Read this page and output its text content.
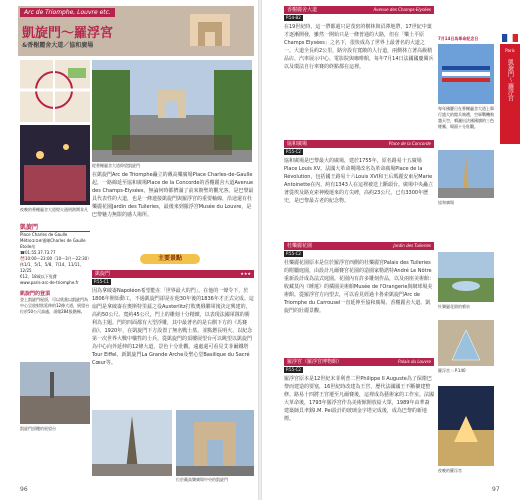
Arc de Triomphe, Louvre etc.
凱旋門～羅浮宮
&香榭麗舍大道／協和廣場
從香榭麗舍大道仰望凱旋門
夜晚的香榭麗舍大道燈火通明熱鬧非凡
在凱旋門Arc de Triomphe矗立的戴高樂廣場Place Charles-de-Gaulle起，一路綿延至協和廣場Place de la Concorde的香榭麗舍大道Avenue des Champs-Elysées，無論何時都擠滿了前來朝聖的觀光客。是巴黎最具代表性的大道，也是一條連接凱旋門與羅浮宮的重要軸線，沿途還有杜樂麗花園Jardin des Tuileries，最後來到羅浮宮Musée du Louvre，是巴黎魅力無限的感人場所。
凱旋門
Place Charles de Gaulle
Métro①②⑥號線Charles de Gaulle Etoile站
☎01.55.37.73.77
⏰10:00～23:00（10～3月～22:30）
休1/1、5/1、5/8、7/14、11/11、12/25
€12、18歲以下免費
www.paris-arc-de-triomphe.fr
凱旋門的登頂
登上凱旋門屋頂，可以欣賞以凱旋門為中心呈放射狀延伸的12條大道，展望台位於50公尺高處，須爬284級階梯。
凱旋門頂樓的展望台
主要景點
凱旋門	★★★
P.55-C1
因為拿破崙Napoléon希望能在「世界最大的門」，在他的一聲令下，於1806年開始動工，不過凱旋門卻是在他30年後的1836年才正式完成。這扇門是拿破崙在奧斯特里茲之役Austerlitz打敗奧俄聯軍後決定興建的，高約50公尺、寬約45公尺，門上的雕刻十分精緻，以表現法國軍隊的勝利為主題。門的四面都有大型浮雕，其中最著名的是右側下方的《馬賽曲》。1920年，在凱旋門下方設置了無名戰士墓，並點燃長明火，以紀念第一次世界大戰中犧牲的士兵。從凱旋門的頂樓展望台可以眺望以凱旋門為中心向外延伸的12條大道，景色十分壯觀。遠處還可看見艾菲爾鐵塔Tour Eiffel、新凱旋門La Grande Arche及聖心堂Basilique du Sacré Cœur等。
位於戴高樂廣場中央的凱旋門
96
香榭麗舍大道	Avenue des Champs-Elysées
P.54-B2
在19世紀時，這一帶都還只是茂密的樹林與沼澤地帶，17世紀中葉才逐漸開發，雖然一開始只是一條普通的大路，但在「樂土平原Champs Elysées」之名下，很快成為了世界上最著名的大道之一。大道全長約2公里，路旁設有寬敞的人行道，兩側林立著高級精品店、汽車展示中心、電影院與咖啡館，每年7月14日法國國慶閱兵以及環法自行車賽的終點都在這裡。
7月14日為革命紀念日
每年國慶日在香榭麗舍大道上舉行盛大的閱兵典禮，空軍戰機飛越天空，噴灑出法國國旗的三色煙霧，場面十分壯觀。
協和廣場	Place de la Concorde
P.55-C2
協和廣場是巴黎最大的廣場，建於1755年，原名路易十五廣場Place Louis XV。法國大革命期間改名為革命廣場Place de la Révolution，包括國王路易十六Louis XVI和王后瑪麗安東尼Marie Antoinette在內，約有1343人在這裡被送上斷頭台。廣場中央矗立著從埃及路克索神殿運來的方尖碑，高約23公尺，已有3300年歷史，是巴黎最古老的紀念物。	協和廣場
杜樂麗花園	Jardin des Tuileries
P.55-C2
杜樂麗花園原本是位於羅浮宮西側的杜樂麗宮Palais des Tuileries的附屬庭園，由設計凡爾賽宮花園的造園家勒諾特André Le Nôtre重新設計成為法式庭園。花園內有許多雕刻作品，以及兩座美術館：收藏莫內《睡蓮》的橘園美術館Musée de l'Orangerie與網球場美術館。從羅浮宮方向望去，可以看見經過卡魯索凱旋門Arc de Triomphe du Carrousel一直延伸至協和廣場、香榭麗舍大道、凱旋門的壯麗景觀。
杜樂麗花園的噴泉
羅浮宮（羅浮宮博物館）	Palais du Louvre
P.55-C2
羅浮宮原本是12世紀末菲利普二世Philippe II Auguste為了保衛巴黎而建造的要塞，16世紀時改建為王宮，歷代法國國王不斷擴建整修。路易十四將王宮遷至凡爾賽後，這裡成為藝術家的工作室。法國大革命後，1793年羅浮宮作為美術館開放給大眾，1989年由華裔建築師貝聿銘I.M. Pei設計的玻璃金字塔完成後，成為巴黎的新地標。
羅浮宮 ☞P.140
夜晚的羅浮宮
Paris
凱旋門～羅浮宮
97
